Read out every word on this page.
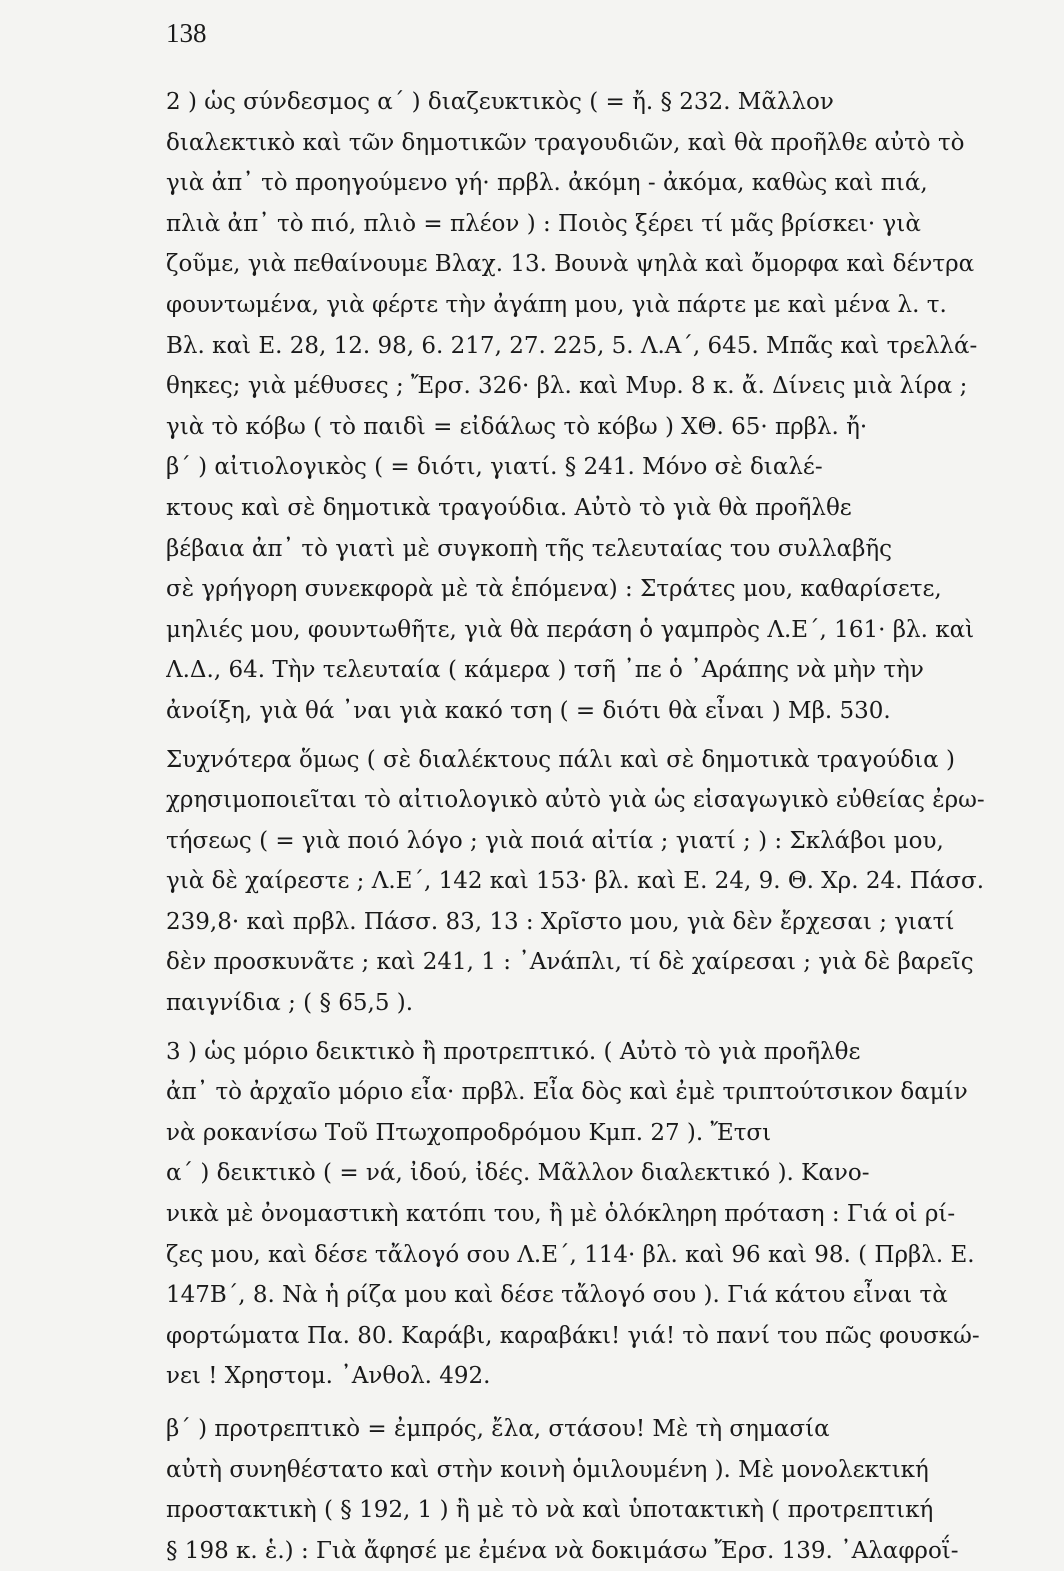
138
2 ) ὡς σύνδεσμος α΄ ) διαζευκτικὸς ( = ἤ. § 232. Μᾶλλον
διαλεκτικὸ καὶ τῶν δημοτικῶν τραγουδιῶν, καὶ θὰ προῆλθε αὐτὸ τὸ
γιὰ ἀπ᾿ τὸ προηγούμενο γή· πρβλ. ἀκόμη - ἀκόμα, καθὼς καὶ πιά,
πλιὰ ἀπ᾿ τὸ πιό, πλιὸ = πλέον ) : Ποιὸς ξέρει τί μᾶς βρίσκει· γιὰ
ζοῦμε, γιὰ πεθαίνουμε Βλαχ. 13. Βουνὰ ψηλὰ καὶ ὄμορφα καὶ δέντρα
φουντωμένα, γιὰ φέρτε τὴν ἀγάπη μου, γιὰ πάρτε με καὶ μένα λ. τ.
Βλ. καὶ Ε. 28, 12. 98, 6. 217, 27. 225, 5. Λ.Α΄, 645. Μπᾶς καὶ τρελλά-
θηκες; γιὰ μέθυσες ; Ἔρσ. 326· βλ. καὶ Μυρ. 8 κ. ἄ. Δίνεις μιὰ λίρα ;
γιὰ τὸ κόβω ( τὸ παιδὶ = εἰδάλως τὸ κόβω ) ΧΘ. 65· πρβλ. ἤ·
β΄ ) αἰτιολογικὸς ( = διότι, γιατί. § 241. Μόνο σὲ διαλέ-
κτους καὶ σὲ δημοτικὰ τραγούδια. Αὐτὸ τὸ γιὰ θὰ προῆλθε
βέβαια ἀπ᾿ τὸ γιατὶ μὲ συγκοπὴ τῆς τελευταίας του συλλαβῆς
σὲ γρήγορη συνεκφορὰ μὲ τὰ ἑπόμενα) : Στράτες μου, καθαρίσετε,
μηλιές μου, φουντωθῆτε, γιὰ θὰ περάση ὁ γαμπρὸς Λ.Ε΄, 161· βλ. καὶ
Λ.Δ., 64. Τὴν τελευταία ( κάμερα ) τσῆ ᾽πε ὁ ᾽Αράπης νὰ μὴν τὴν
ἀνοίξη, γιὰ θά ᾽ναι γιὰ κακό τση ( = διότι θὰ εἶναι ) Μβ. 530.
Συχνότερα ὅμως ( σὲ διαλέκτους πάλι καὶ σὲ δημοτικὰ τραγούδια )
χρησιμοποιεῖται τὸ αἰτιολογικὸ αὐτὸ γιὰ ὡς εἰσαγωγικὸ εὐθείας ἐρω-
τήσεως ( = γιὰ ποιό λόγο ; γιὰ ποιά αἰτία ; γιατί ; ) : Σκλάβοι μου,
γιὰ δὲ χαίρεστε ; Λ.Ε΄, 142 καὶ 153· βλ. καὶ Ε. 24, 9. Θ. Χρ. 24. Πάσσ.
239,8· καὶ πρβλ. Πάσσ. 83, 13 : Χρῖστο μου, γιὰ δὲν ἔρχεσαι ; γιατί
δὲν προσκυνᾶτε ; καὶ 241, 1 : ᾽Ανάπλι, τί δὲ χαίρεσαι ; γιὰ δὲ βαρεῖς
παιγνίδια ; ( § 65,5 ).
3 ) ὡς μόριο δεικτικὸ ἢ προτρεπτικό. ( Αὐτὸ τὸ γιὰ προῆλθε
ἀπ᾿ τὸ ἀρχαῖο μόριο εἶα· πρβλ. Εἶα δὸς καὶ ἐμὲ τριπτούτσικον δαμίν
νὰ ροκανίσω Τοῦ Πτωχοπροδρόμου Κμπ. 27 ). Ἔτσι
α΄ ) δεικτικὸ ( = νά, ἰδού, ἰδές. Μᾶλλον διαλεκτικό ). Κανο-
νικὰ μὲ ὀνομαστικὴ κατόπι του, ἢ μὲ ὁλόκληρη πρόταση : Γιά οἱ ρί-
ζες μου, καὶ δέσε τἄλογό σου Λ.Ε΄, 114· βλ. καὶ 96 καὶ 98. ( Πρβλ. Ε.
147Β΄, 8. Νὰ ἡ ρίζα μου καὶ δέσε τἄλογό σου ). Γιά κάτου εἶναι τὰ
φορτώματα Πα. 80. Καράβι, καραβάκι! γιά! τὸ πανί του πῶς φουσκώ-
νει ! Χρηστομ. ᾽Ανθολ. 492.
β΄ ) προτρεπτικὸ = ἐμπρός, ἔλα, στάσου! Μὲ τὴ σημασία
αὐτὴ συνηθέστατο καὶ στὴν κοινὴ ὁμιλουμένη ). Μὲ μονολεκτική
προστακτικὴ ( § 192, 1 ) ἢ μὲ τὸ νὰ καὶ ὑποτακτικὴ ( προτρεπτική
§ 198 κ. ἑ.) : Γιὰ ἄφησέ με ἐμένα νὰ δοκιμάσω Ἔρσ. 139. ᾽Αλαφροΐ-
